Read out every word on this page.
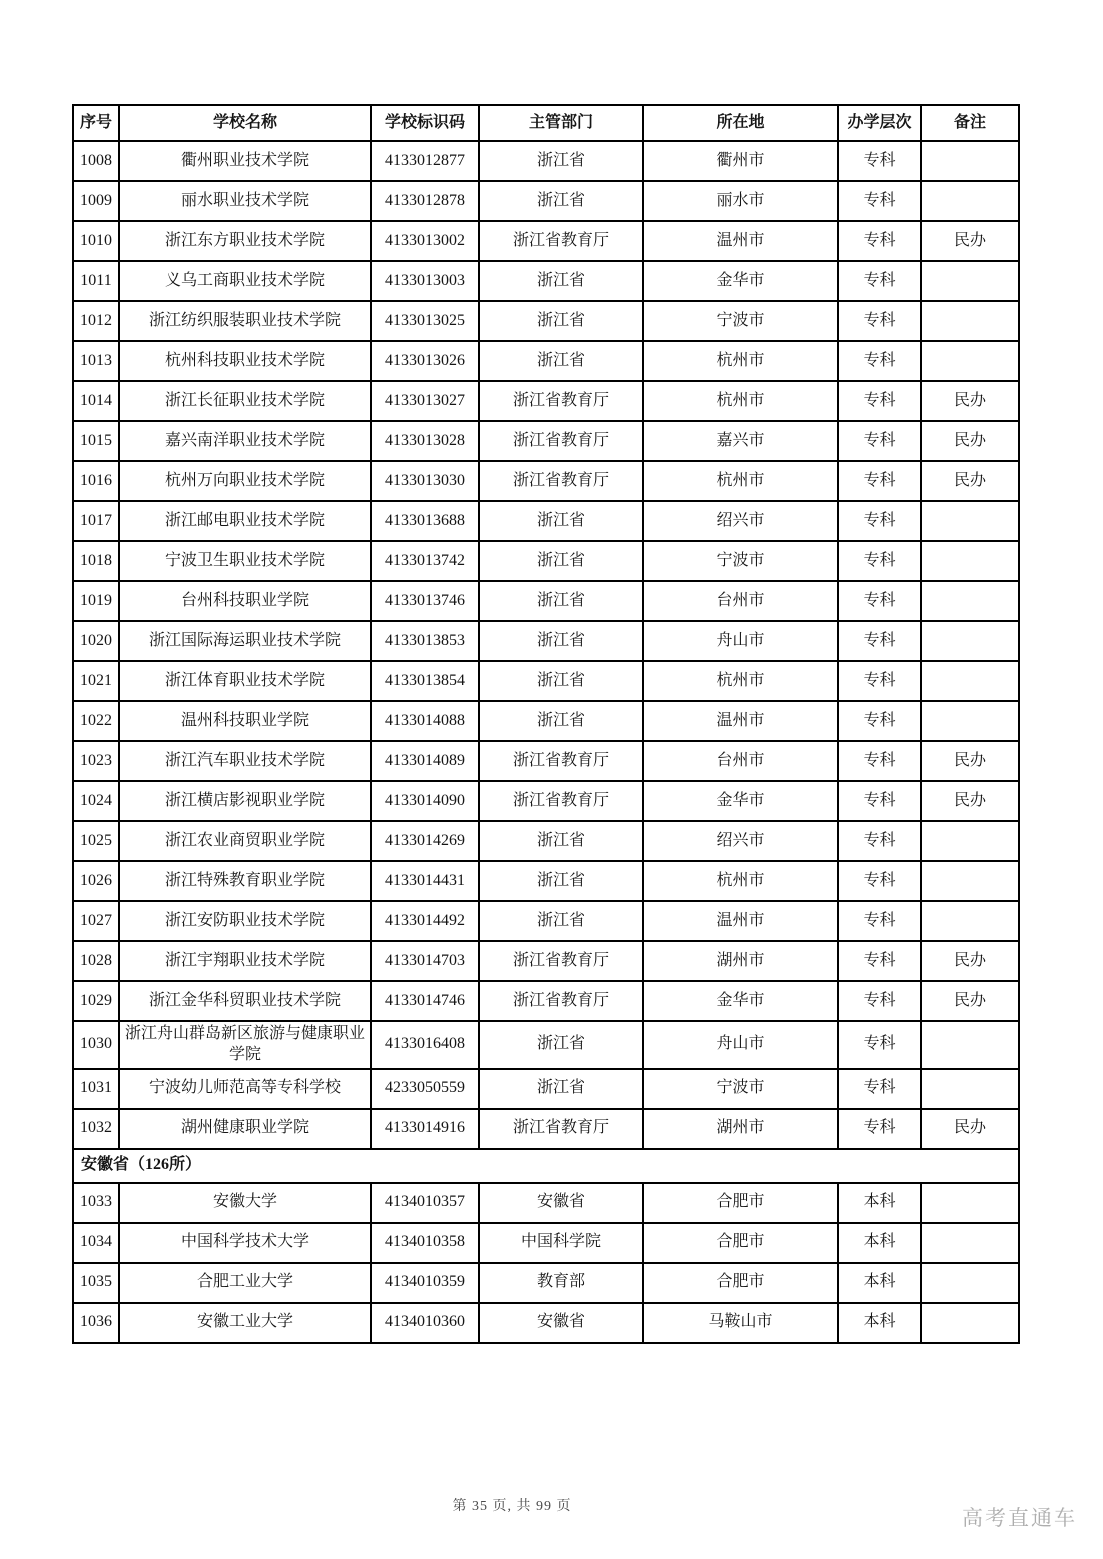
序号	学校名称	学校标识码	主管部门	所在地	办学层次	备注
1008	衢州职业技术学院	4133012877	浙江省	衢州市	专科	
1009	丽水职业技术学院	4133012878	浙江省	丽水市	专科	
1010	浙江东方职业技术学院	4133013002	浙江省教育厅	温州市	专科	民办
1011	义乌工商职业技术学院	4133013003	浙江省	金华市	专科	
1012	浙江纺织服装职业技术学院	4133013025	浙江省	宁波市	专科	
1013	杭州科技职业技术学院	4133013026	浙江省	杭州市	专科	
1014	浙江长征职业技术学院	4133013027	浙江省教育厅	杭州市	专科	民办
1015	嘉兴南洋职业技术学院	4133013028	浙江省教育厅	嘉兴市	专科	民办
1016	杭州万向职业技术学院	4133013030	浙江省教育厅	杭州市	专科	民办
1017	浙江邮电职业技术学院	4133013688	浙江省	绍兴市	专科	
1018	宁波卫生职业技术学院	4133013742	浙江省	宁波市	专科	
1019	台州科技职业学院	4133013746	浙江省	台州市	专科	
1020	浙江国际海运职业技术学院	4133013853	浙江省	舟山市	专科	
1021	浙江体育职业技术学院	4133013854	浙江省	杭州市	专科	
1022	温州科技职业学院	4133014088	浙江省	温州市	专科	
1023	浙江汽车职业技术学院	4133014089	浙江省教育厅	台州市	专科	民办
1024	浙江横店影视职业学院	4133014090	浙江省教育厅	金华市	专科	民办
1025	浙江农业商贸职业学院	4133014269	浙江省	绍兴市	专科	
1026	浙江特殊教育职业学院	4133014431	浙江省	杭州市	专科	
1027	浙江安防职业技术学院	4133014492	浙江省	温州市	专科	
1028	浙江宇翔职业技术学院	4133014703	浙江省教育厅	湖州市	专科	民办
1029	浙江金华科贸职业技术学院	4133014746	浙江省教育厅	金华市	专科	民办
1030	浙江舟山群岛新区旅游与健康职业学院	4133016408	浙江省	舟山市	专科	
1031	宁波幼儿师范高等专科学校	4233050559	浙江省	宁波市	专科	
1032	湖州健康职业学院	4133014916	浙江省教育厅	湖州市	专科	民办
安徽省（126所）						
1033	安徽大学	4134010357	安徽省	合肥市	本科	
1034	中国科学技术大学	4134010358	中国科学院	合肥市	本科	
1035	合肥工业大学	4134010359	教育部	合肥市	本科	
1036	安徽工业大学	4134010360	安徽省	马鞍山市	本科	
第 35 页, 共 99 页	高考直通车
